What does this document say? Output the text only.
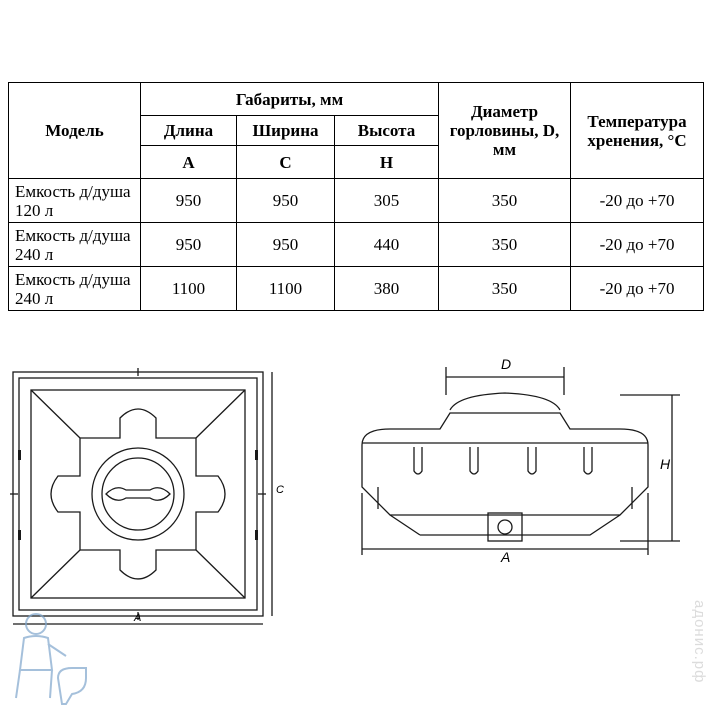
Модель	Габариты, мм			Диаметр горловины, D, мм	Температура хренения, °С
	Длина	Ширина	Высота		
	A	C	H		
Емкость д/душа 120 л	950	950	305	350	-20 до +70
Емкость д/душа 240 л	950	950	440	350	-20 до +70
Емкость д/душа 240 л	1100	1100	380	350	-20 до +70
C
A
D
H
A
адонис.рф
